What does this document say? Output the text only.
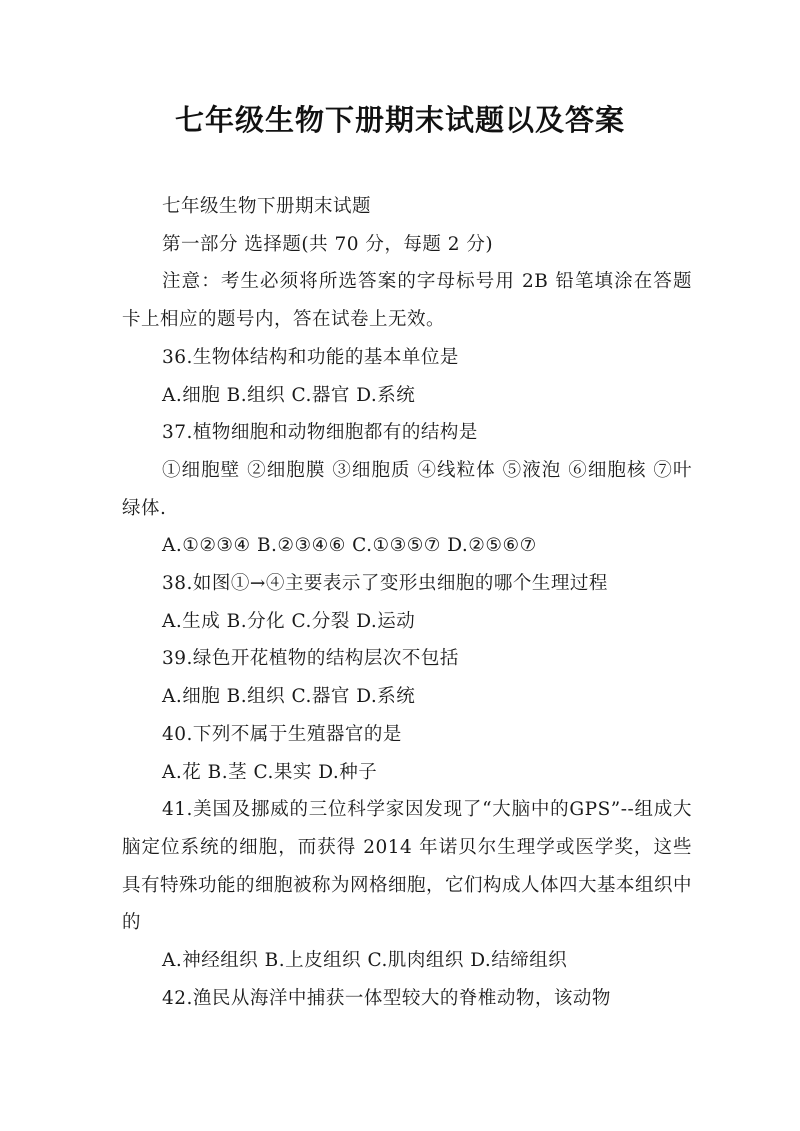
七年级生物下册期末试题以及答案

七年级生物下册期末试题

第一部分 选择题(共 70 分，每题 2 分)

注意：考生必须将所选答案的字母标号用 2B 铅笔填涂在答题卡上相应的题号内，答在试卷上无效。

36.生物体结构和功能的基本单位是

A.细胞 B.组织 C.器官 D.系统

37.植物细胞和动物细胞都有的结构是

①细胞壁 ②细胞膜 ③细胞质 ④线粒体 ⑤液泡 ⑥细胞核 ⑦叶绿体.

A.①②③④ B.②③④⑥ C.①③⑤⑦ D.②⑤⑥⑦

38.如图①→④主要表示了变形虫细胞的哪个生理过程

A.生成 B.分化 C.分裂 D.运动

39.绿色开花植物的结构层次不包括

A.细胞 B.组织 C.器官 D.系统

40.下列不属于生殖器官的是

A.花 B.茎 C.果实 D.种子

41.美国及挪威的三位科学家因发现了“大脑中的GPS”--组成大脑定位系统的细胞，而获得 2014 年诺贝尔生理学或医学奖，这些具有特殊功能的细胞被称为网格细胞，它们构成人体四大基本组织中的

A.神经组织 B.上皮组织 C.肌肉组织 D.结缔组织

42.渔民从海洋中捕获一体型较大的脊椎动物，该动物
